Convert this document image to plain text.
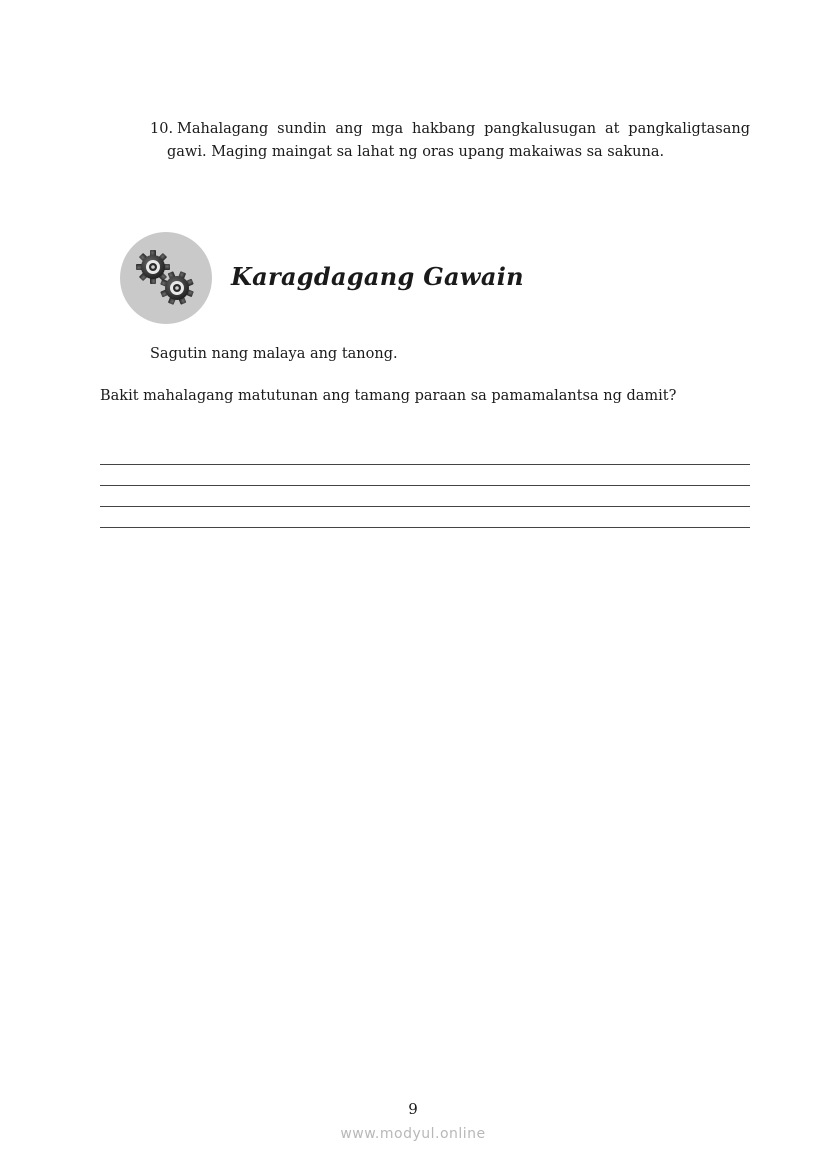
10. Mahalagang sundin ang mga hakbang pangkalusugan at pangkaligtasang
gawi. Maging maingat sa lahat ng oras upang makaiwas sa sakuna.
Karagdagang Gawain
Sagutin nang malaya ang tanong.
Bakit mahalagang matutunan ang tamang paraan sa pamamalantsa ng damit?
9
www.modyul.online
